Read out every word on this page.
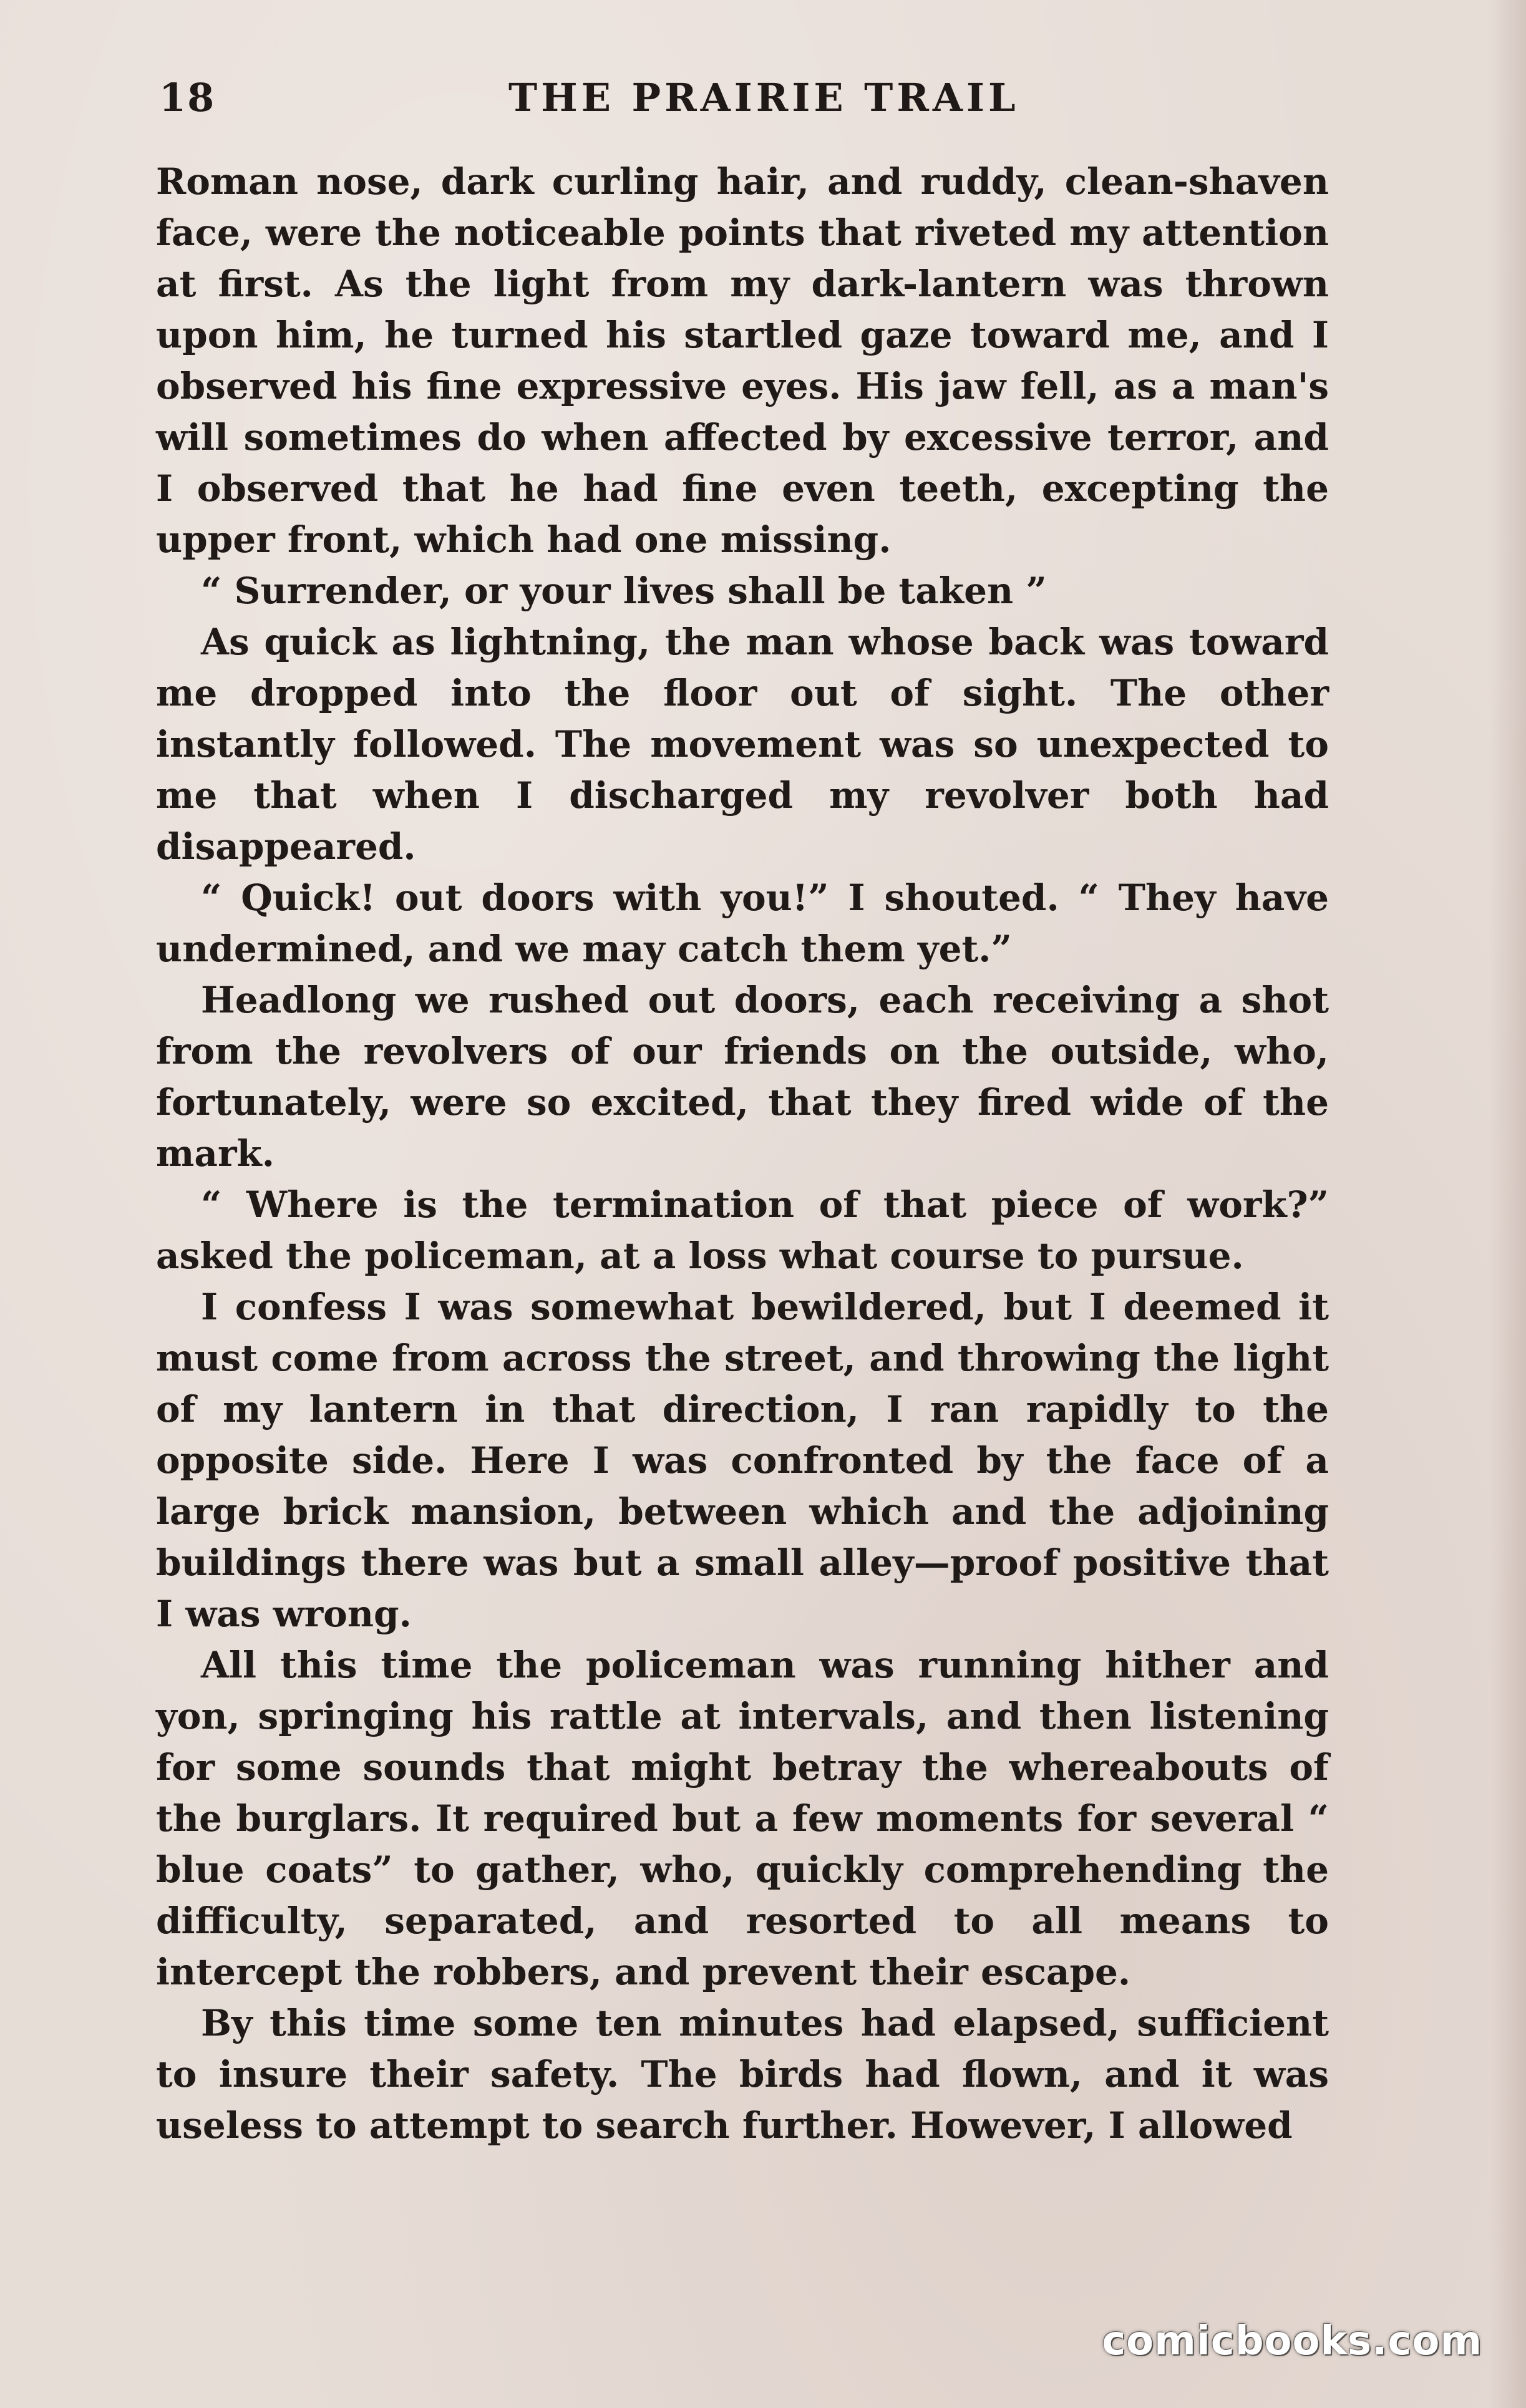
18	THE PRAIRIE TRAIL

Roman nose, dark curling hair, and ruddy, clean-shaven face, were the noticeable points that riveted my attention at first. As the light from my dark-lantern was thrown upon him, he turned his startled gaze toward me, and I observed his fine expressive eyes. His jaw fell, as a man's will sometimes do when affected by excessive terror, and I observed that he had fine even teeth, excepting the upper front, which had one missing.

“ Surrender, or your lives shall be taken ”

As quick as lightning, the man whose back was toward me dropped into the floor out of sight. The other instantly followed. The movement was so unexpected to me that when I discharged my revolver both had disappeared.

“ Quick! out doors with you!” I shouted. “ They have undermined, and we may catch them yet.”

Headlong we rushed out doors, each receiving a shot from the revolvers of our friends on the outside, who, fortunately, were so excited, that they fired wide of the mark.

“ Where is the termination of that piece of work?” asked the policeman, at a loss what course to pursue.

I confess I was somewhat bewildered, but I deemed it must come from across the street, and throwing the light of my lantern in that direction, I ran rapidly to the opposite side. Here I was confronted by the face of a large brick mansion, between which and the adjoining buildings there was but a small alley—proof positive that I was wrong.

All this time the policeman was running hither and yon, springing his rattle at intervals, and then listening for some sounds that might betray the whereabouts of the burglars. It required but a few moments for several “ blue coats” to gather, who, quickly comprehending the difficulty, separated, and resorted to all means to intercept the robbers, and prevent their escape.

By this time some ten minutes had elapsed, sufficient to insure their safety. The birds had flown, and it was useless to attempt to search further. However, I allowed

comicbooks.com
